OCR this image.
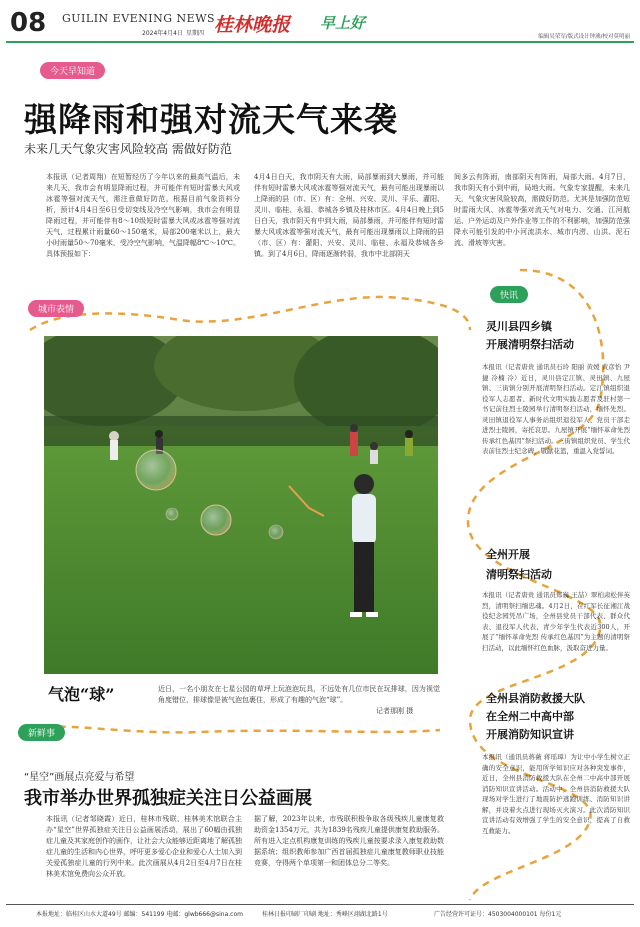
08 GUILIN EVENING NEWS
2024年4月4日 星期四 桂林晚报 早上好
编辑吴荣军/版式设计钟沸/校对莫明丽
今天早知道
强降雨和强对流天气来袭
未来几天气象灾害风险较高 需做好防范
本报讯（记者周翔）在短暂经历了今年以来的最高气温后，未来几天，我市会有明显降雨过程，并可能伴有短时雷暴大风或冰雹等强对流天气，需注意做好防范。根据目前气象资料分析，预计4月4日至6日受切变线及冷空气影响，我市会有明显降雨过程，并可能伴有8～10级短时雷暴大风或冰雹等强对流天气，过程累计雨量60～150毫米，局部200毫米以上，最大小时雨量50～70毫米，受冷空气影响，气温降幅8℃～10℃。具体预报如下：
4月4日白天，我市阴天有大雨，局部暴雨到大暴雨，并可能伴有短时雷暴大风或冰雹等强对流天气，最有可能出现暴雨以上降雨的县（市、区）有：全州、兴安、灵川、平乐、灌阳、灵川、临桂、永福、恭城各乡镇及桂林市区。4月4日晚上到5日白天，我市阴天有中到大雨，局部暴雨，并可能伴有短时雷暴大风或冰雹等强对流天气，最有可能出现暴雨以上降雨的县（市、区）有：灌阳、兴安、灵川、临桂、永福及恭城各乡镇。到了4月6日，降雨逐渐转弱，我市中北部阴天
间多云有阵雨，南部阴天有阵雨，局部大雨。4月7日，我市阴天有小到中雨，局地大雨。气象专家提醒，未来几天，气象灾害风险较高，需做好防范。尤其是加强防范短时雷雨大风、冰雹等强对流天气对电力、交通、江河航运、户外运动及户外作业等工作的不利影响，加强防范强降水可能引发的中小河流洪水、城市内涝、山洪、泥石流、滑坡等灾害。
城市表情
气泡“球”	近日，一名小朋友在七星公园的草坪上玩泡泡玩具，不远处有几位市民在玩排球，因为视觉角度错位，排球像是被气泡包裹住，形成了有趣的气泡“球”。
记者那刚 摄
新鲜事
“星空”画展点亮爱与希望
我市举办世界孤独症关注日公益画展
本报讯（记者邹晓霞）近日，桂林市残联、桂林美术馆联合主办“星空”世界孤独症关注日公益画展活动，展出了60幅由孤独症儿童及其家庭创作的画作，让社会大众能够近距离地了解孤独症儿童的生活和内心世界，呼吁更多爱心企业和爱心人士加入到关爱孤独症儿童的行列中来。此次画展从4月2日至4月7日在桂林美术馆免费向公众开放。
据了解，2023年以来，市残联积极争取各级残疾儿童康复救助资金1354万元，共为1839名残疾儿童提供康复救助服务。所有进入定点机构康复训练的残疾儿童按要求录入康复救助数据系统；组织教师参加广西首届孤独症儿童康复教师职业技能竞赛，夺得两个单项第一和团体总分二等奖。
快讯
灵川县四乡镇
开展清明祭扫活动
本报讯（记者唐贵 通讯员石玲 阳丽 黄媛 黄彦怡 尹捷 冷楠 冷）近日，灵川县定江镇、灵田镇、九屋镇、三街镇分别开展清明祭扫活动。定江镇组织退役军人志愿者、新时代文明实践志愿者及驻村第一书记前往烈士陵园举行清明祭扫活动，缅怀先烈。灵田镇退役军人事务站组织退役军人、党员干部走进烈士陵园，寄托哀思。九屋镇开展“缅怀革命先烈 传承红色基因”祭扫活动。三街镇组织党员、学生代表前往烈士纪念碑，敬献花篮，重温入党誓词。
全州开展
清明祭扫活动
本报讯（记者唐贵 通讯员郑巍 王喆）翠柏肃松伴英烈，清明祭扫缅忠魂。4月2日，在红军长征湘江战役纪念园凭吊广场，全州县党员干部代表、群众代表、退役军人代表、青少年学生代表近300人，开展了“缅怀革命先烈 传承红色基因”为主题的清明祭扫活动，以此缅怀红色血脉，汲取奋进力量。
全州县消防救援大队
在全州二中高中部
开展消防知识宣讲
本报讯（通讯员蒋薇 蒋瑶璋）为让中小学生树立正确的安全意识，能用所学知识应对各种突发事件，近日，全州县消防救援大队在全州二中高中部开展消防知识宣讲活动。活动中，全州县消防救援大队现场对学生进行了地震防护逃跑训练、消防知识讲解，并设着火点进行现场灭火演习。此次消防知识宣讲活动有效增强了学生的安全意识，提高了自救互救能力。
本报地址：临桂区山水大道49号 邮编：541199 电邮：glwb666@sina.com	桂林日报印刷厂印刷 地址：秀峰区翊湖北路1号	广告经营许可证号：4503004000101 每份1元
